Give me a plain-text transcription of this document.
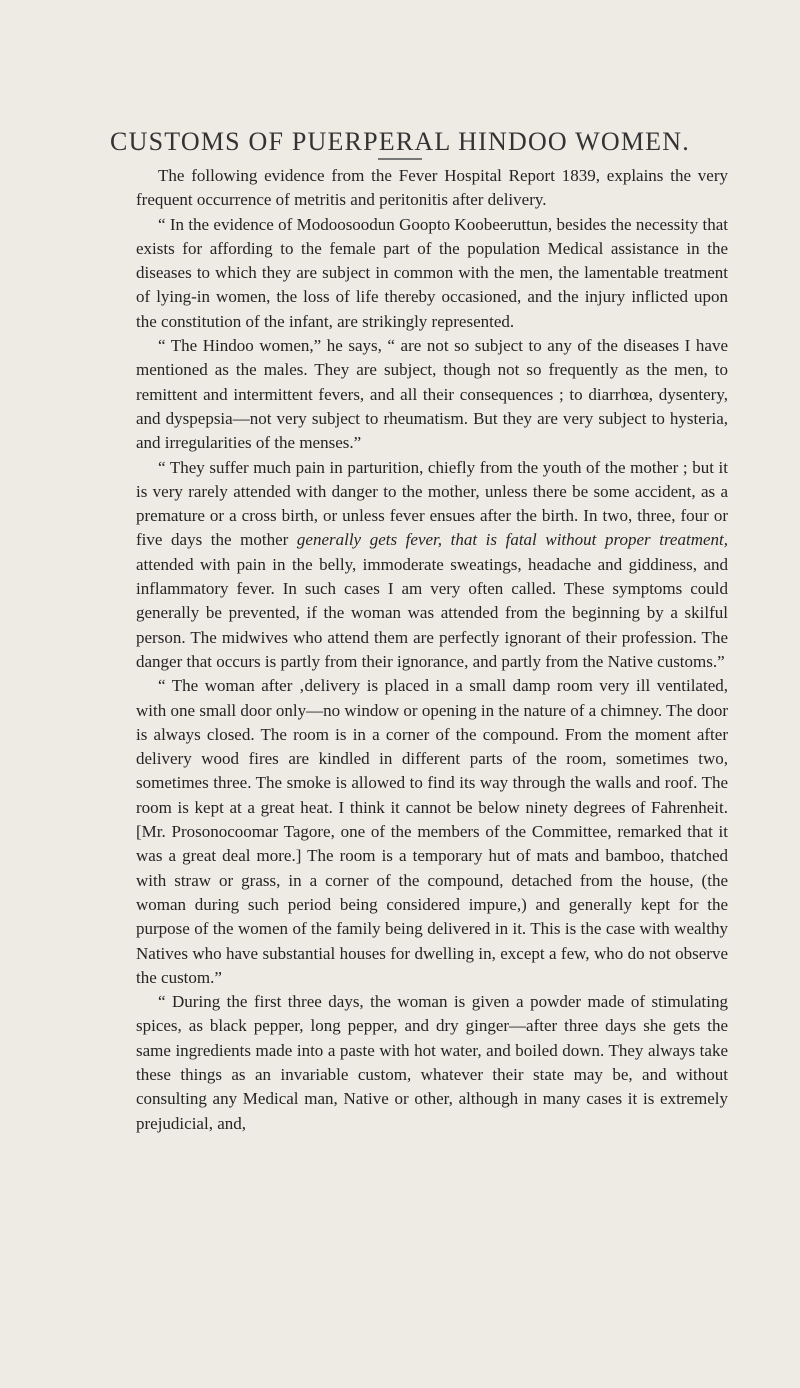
CUSTOMS OF PUERPERAL HINDOO WOMEN.

The following evidence from the Fever Hospital Report 1839, explains the very frequent occurrence of metritis and peritonitis after delivery.

“ In the evidence of Modoosoodun Goopto Koobeeruttun, besides the necessity that exists for affording to the female part of the population Medical assistance in the diseases to which they are subject in common with the men, the lamentable treatment of lying-in women, the loss of life thereby occasioned, and the injury inflicted upon the constitution of the infant, are strikingly represented.

“ The Hindoo women,” he says, “ are not so subject to any of the diseases I have mentioned as the males. They are subject, though not so frequently as the men, to remittent and intermittent fevers, and all their consequences ; to diarrhœa, dysentery, and dyspepsia—not very subject to rheumatism. But they are very subject to hysteria, and irregularities of the menses.”

“ They suffer much pain in parturition, chiefly from the youth of the mother ; but it is very rarely attended with danger to the mother, unless there be some accident, as a premature or a cross birth, or unless fever ensues after the birth. In two, three, four or five days the mother generally gets fever, that is fatal without proper treatment, attended with pain in the belly, immoderate sweatings, headache and giddiness, and inflammatory fever. In such cases I am very often called. These symptoms could generally be prevented, if the woman was attended from the beginning by a skilful person. The midwives who attend them are perfectly ignorant of their profession. The danger that occurs is partly from their ignorance, and partly from the Native customs.”

“ The woman after ‚delivery is placed in a small damp room very ill ventilated, with one small door only—no window or opening in the nature of a chimney. The door is always closed. The room is in a corner of the compound. From the moment after delivery wood fires are kindled in different parts of the room, sometimes two, sometimes three. The smoke is allowed to find its way through the walls and roof. The room is kept at a great heat. I think it cannot be below ninety degrees of Fahrenheit. [Mr. Prosonocoomar Tagore, one of the members of the Committee, remarked that it was a great deal more.] The room is a temporary hut of mats and bamboo, thatched with straw or grass, in a corner of the compound, detached from the house, (the woman during such period being considered impure,) and generally kept for the purpose of the women of the family being delivered in it. This is the case with wealthy Natives who have substantial houses for dwelling in, except a few, who do not observe the custom.”

“ During the first three days, the woman is given a powder made of stimulating spices, as black pepper, long pepper, and dry ginger—after three days she gets the same ingredients made into a paste with hot water, and boiled down. They always take these things as an invariable custom, whatever their state may be, and without consulting any Medical man, Native or other, although in many cases it is extremely prejudicial, and,
